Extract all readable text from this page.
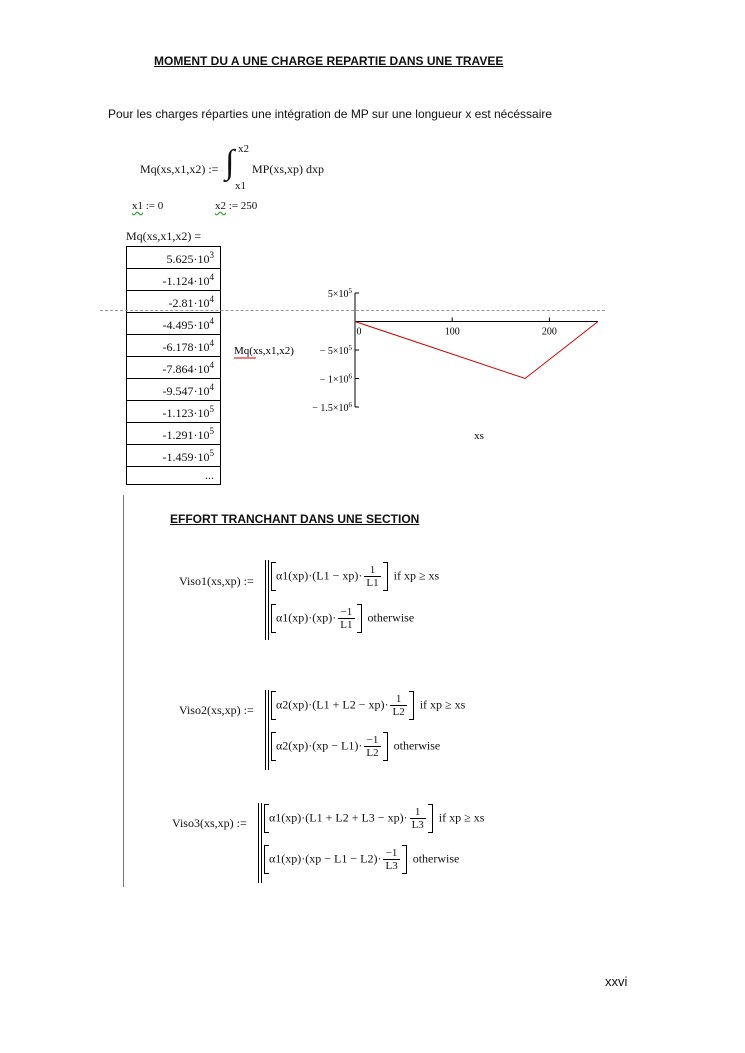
MOMENT DU A UNE CHARGE REPARTIE DANS UNE TRAVEE
Pour les charges réparties une intégration de MP sur une longueur x est nécéssaire
Mq(xs,x1,x2) := ∫ x2
x1
MP(xs,xp) dxp
x1 := 0	x2 := 250
Mq(xs,x1,x2) =
$5.625\cdot 10^3$
$-1.124\cdot 10^4$
$-2.81\cdot 10^4$
$-4.495\cdot 10^4$
$-6.178\cdot 10^4$
$-7.864\cdot 10^4$
$-9.547\cdot 10^4$
$-1.123\cdot 10^5$
$-1.291\cdot 10^5$
$-1.459\cdot 10^5$
...
$5\times 10^5$
− $5\times 10^5$
− $1\times 10^6$
− $1.5\times 10^6$
0	100	200
Mq(xs,x1,x2)
xs
EFFORT TRANCHANT DANS UNE SECTION
Viso1(xs,xp) :=	$\alpha 1(xp)\cdot(L1 - xp)\cdot \frac{1}{L1}$ if xp ≥ xs
$\alpha 1(xp)\cdot(xp)\cdot \frac{-1}{L1}$ otherwise
Viso2(xs,xp) :=	$\alpha 2(xp)\cdot(L1 + L2 - xp)\cdot \frac{1}{L2}$ if xp ≥ xs
$\alpha 2(xp)\cdot(xp - L1)\cdot \frac{-1}{L2}$ otherwise
Viso3(xs,xp) :=	$\alpha 1(xp)\cdot(L1 + L2 + L3 - xp)\cdot \frac{1}{L3}$ if xp ≥ xs
$\alpha 1(xp)\cdot(xp - L1 - L2)\cdot \frac{-1}{L3}$ otherwise
xxvi
